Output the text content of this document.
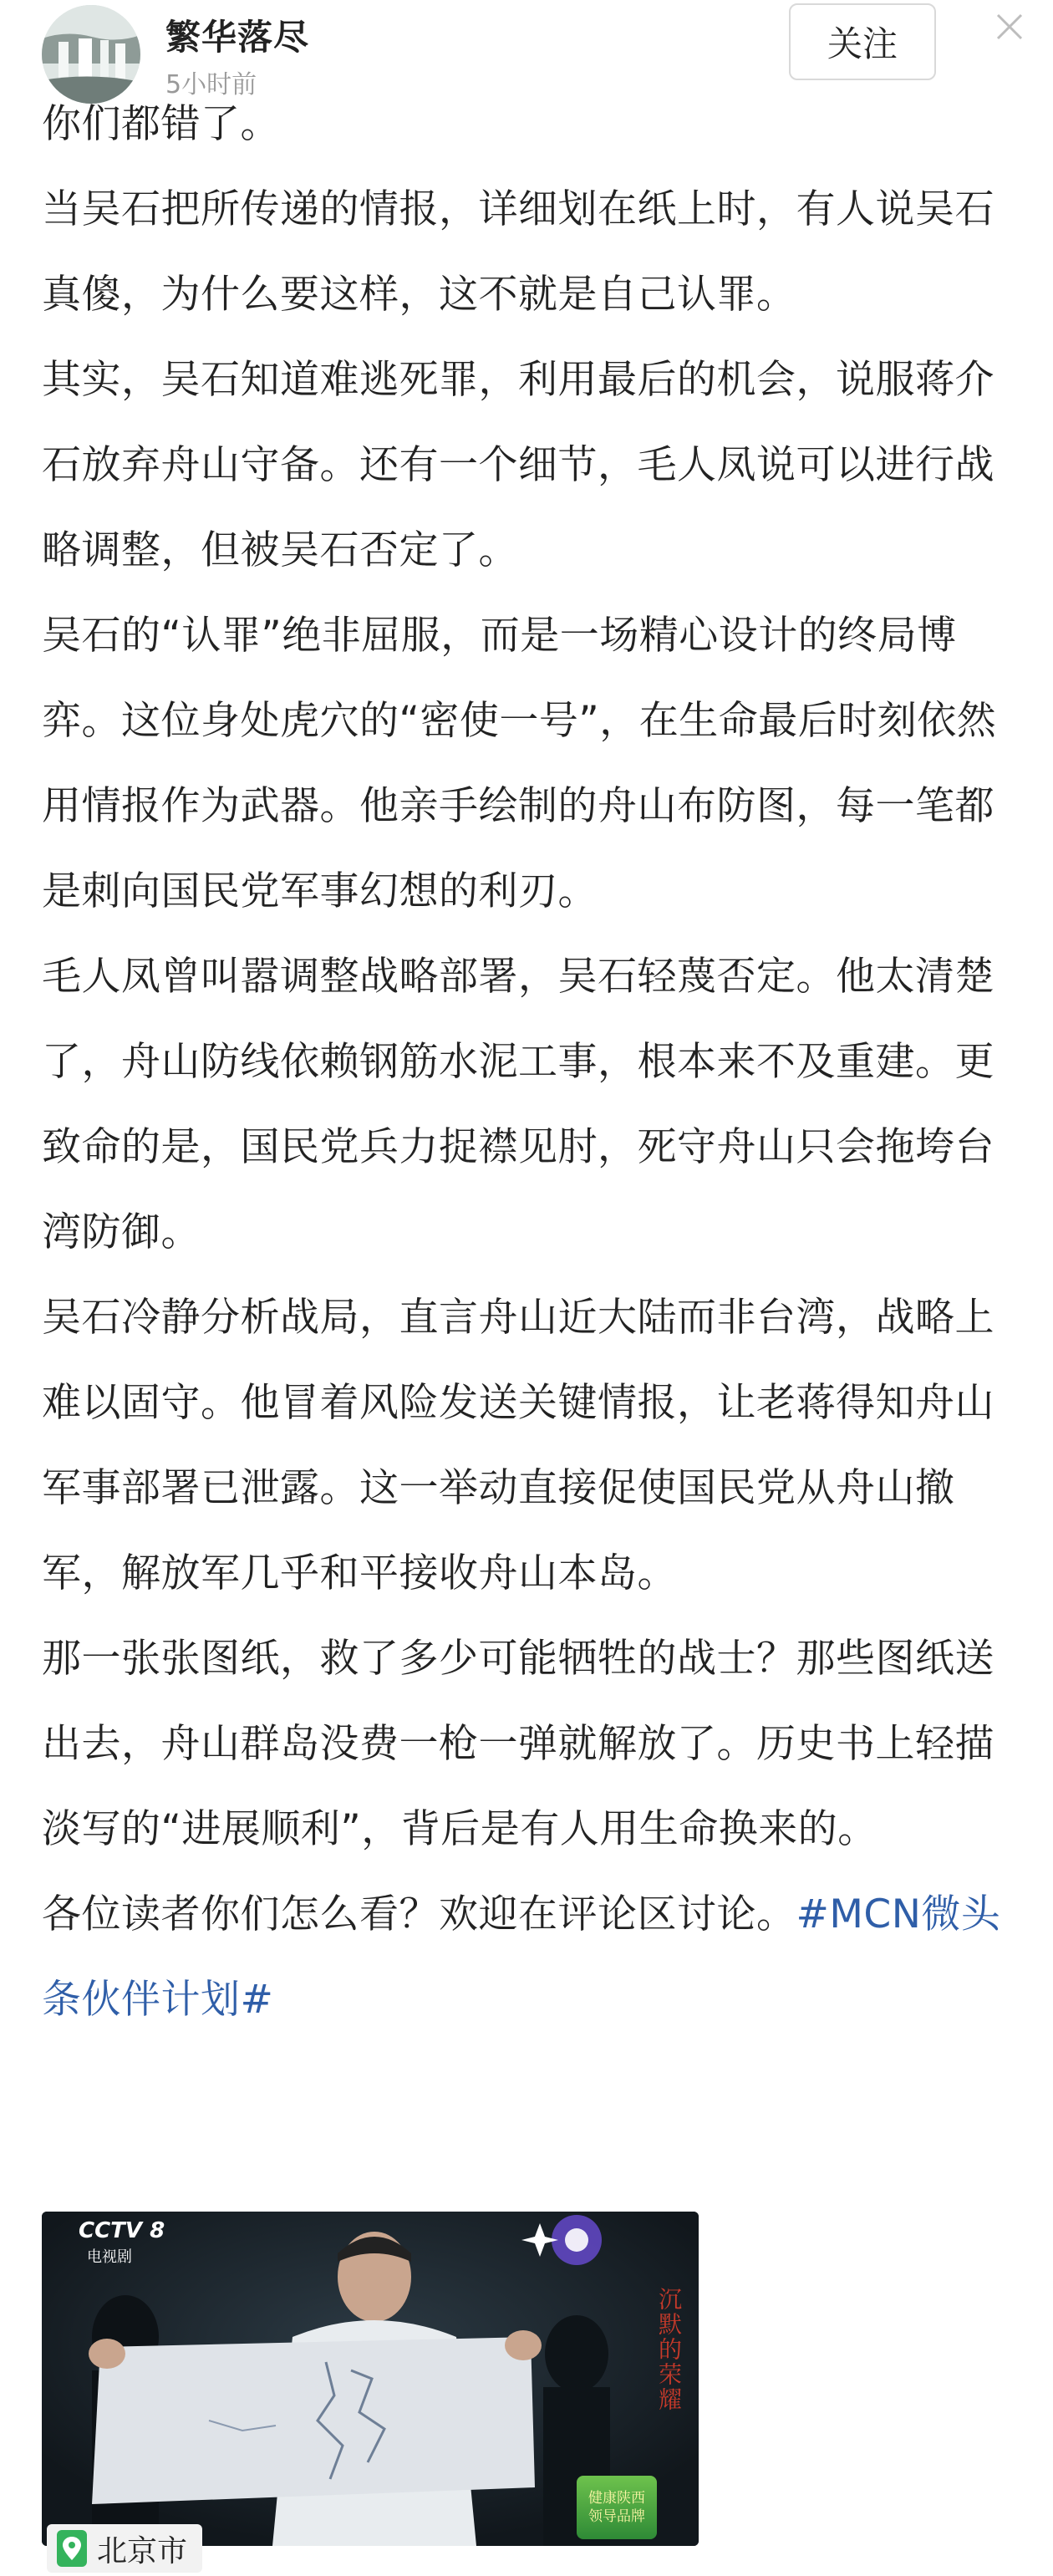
繁华落尽
5小时前
关注

你们都错了。

当吴石把所传递的情报，详细划在纸上时，有人说吴石真傻，为什么要这样，这不就是自己认罪。

其实，吴石知道难逃死罪，利用最后的机会，说服蒋介石放弃舟山守备。还有一个细节，毛人凤说可以进行战略调整，但被吴石否定了。

吴石的“认罪”绝非屈服，而是一场精心设计的终局博弈。这位身处虎穴的“密使一号”，在生命最后时刻依然用情报作为武器。他亲手绘制的舟山布防图，每一笔都是刺向国民党军事幻想的利刃。

毛人凤曾叫嚣调整战略部署，吴石轻蔑否定。他太清楚了，舟山防线依赖钢筋水泥工事，根本来不及重建。更致命的是，国民党兵力捉襟见肘，死守舟山只会拖垮台湾防御。

吴石冷静分析战局，直言舟山近大陆而非台湾，战略上难以固守。他冒着风险发送关键情报，让老蒋得知舟山军事部署已泄露。这一举动直接促使国民党从舟山撤军，解放军几乎和平接收舟山本岛。

那一张张图纸，救了多少可能牺牲的战士？那些图纸送出去，舟山群岛没费一枪一弹就解放了。历史书上轻描淡写的“进展顺利”，背后是有人用生命换来的。

各位读者你们怎么看？欢迎在评论区讨论。#MCN微头条伙伴计划#

CCTV 8
电视剧
沉默的荣耀
健康陕西
领导品牌
北京市
